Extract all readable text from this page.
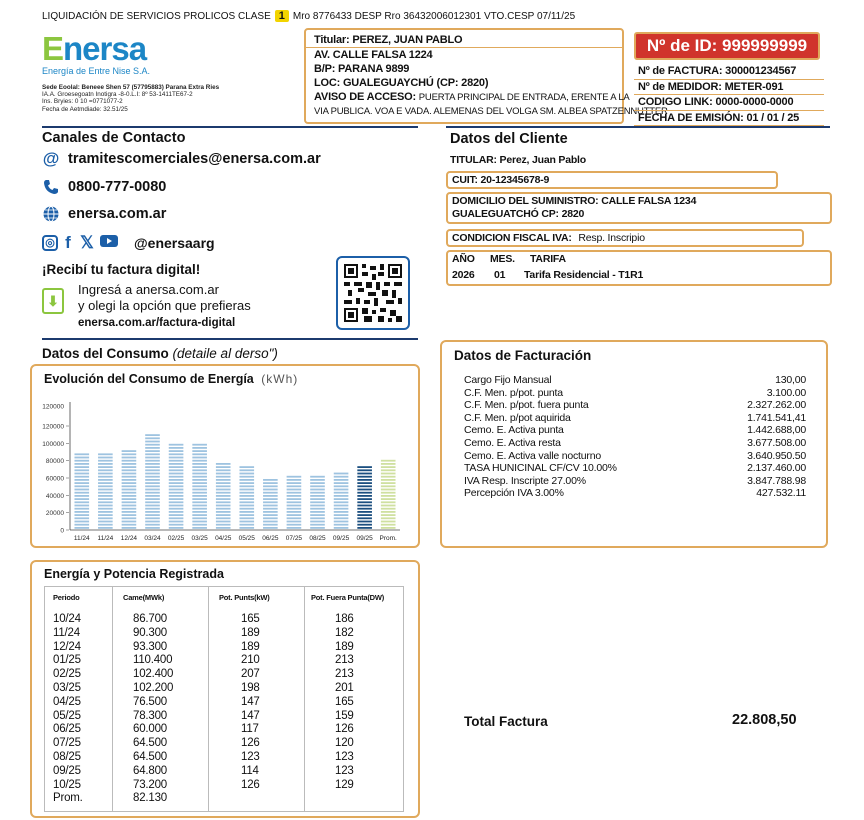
LIQUIDACIÓN DE SERVICIOS PROLICOS CLASE 1 Mro 8776433 DESP Rro 36432006012301 VTO.CESP 07/11/25
Enersa
Energía de Entre Nise S.A.
Sede Eoolal: Beneee Shen 57 (57795883) Parana Extra Ries
IA.A. Groesegoatn Inotigra -8-0.L.I: 8º 53-1411TE67-2
Ins. Bryies: 0 10 =0771077-2
Fecha de Aetmdiade: 32.51/25
Titular: PEREZ, JUAN PABLO
AV. CALLE FALSA 1224
B/P: PARANA 9899
LOC: GUALEGUAYCHÚ (CP: 2820)
AVISO DE ACCESO: PUERTA PRINCIPAL DE ENTRADA, ERENTE A LA
VIA PUBLICA. VOA E VADA. ALEMENAS DEL VOLGA SM. ALBEA SPATZENNUTTER
Nº de ID: 999999999
Nº de FACTURA: 300001234567
Nº de MEDIDOR: METER-091
CODIGO LINK: 0000-0000-0000
FECHA DE EMISIÓN: 01 / 01 / 25
Canales de Contacto
@ tramitescomerciales@enersa.com.ar
0800-777-0080
enersa.com.ar
◎ f 𝕏	@enersaarg
¡Recibí tu factura digital!
⬇
Ingresá a anersa.com.ar
y olegi la opción que prefieras
enersa.com.ar/factura-digital
Datos del Cliente
TITULAR: Perez, Juan Pablo
CUIT: 20-12345678-9
DOMICILIO DEL SUMINISTRO: CALLE FALSA 1234
GUALEGUATCHÓ CP: 2820
CONDICION FISCAL IVA: Resp. Inscripio
AÑO	MES.	TARIFA
2026	01	Tarifa Residencial - T1R1
Datos del Consumo (detaile al derso")
Evolución del Consumo de Energía (kWh)
0
20000
40000
60000
80000
100000
120000
120000
11/24 11/24 12/24 03/24 02/25 03/25 04/25 05/25 06/25 07/25 08/25 09/25 09/25 Prom.
Datos de Facturación
Cargo Fijo Mansual	130,00
C.F. Men. p/pot. punta	3.100.00
C.F. Men. p/pot. fuera punta	2.327.262.00
C.F. Men. p/pot aquirida	1.741.541,41
Cemo. E. Activa punta	1.442.688,00
Cemo. E. Activa resta	3.677.508.00
Cemo. E. Activa valle nocturno	3.640.950.50
TASA HUNICINAL CF/CV 10.00%	2.137.460.00
IVA Resp. Inscripte 27.00%	3.847.788.98
Percepción IVA 3.00%	427.532.11
Energía y Potencia Registrada
Periodo	Came(MWk)	Pot. Punts(kW)	Pot. Fuera Punta(DW)
10/24	86.700	165	186
11/24	90.300	189	182
12/24	93.300	189	189
01/25	110.400	210	213
02/25	102.400	207	213
03/25	102.200	198	201
04/25	76.500	147	165
05/25	78.300	147	159
06/25	60.000	117	126
07/25	64.500	126	120
08/25	64.500	123	123
09/25	64.800	114	123
10/25	73.200	126	129
Prom.	82.130
Total Factura	22.808,50
